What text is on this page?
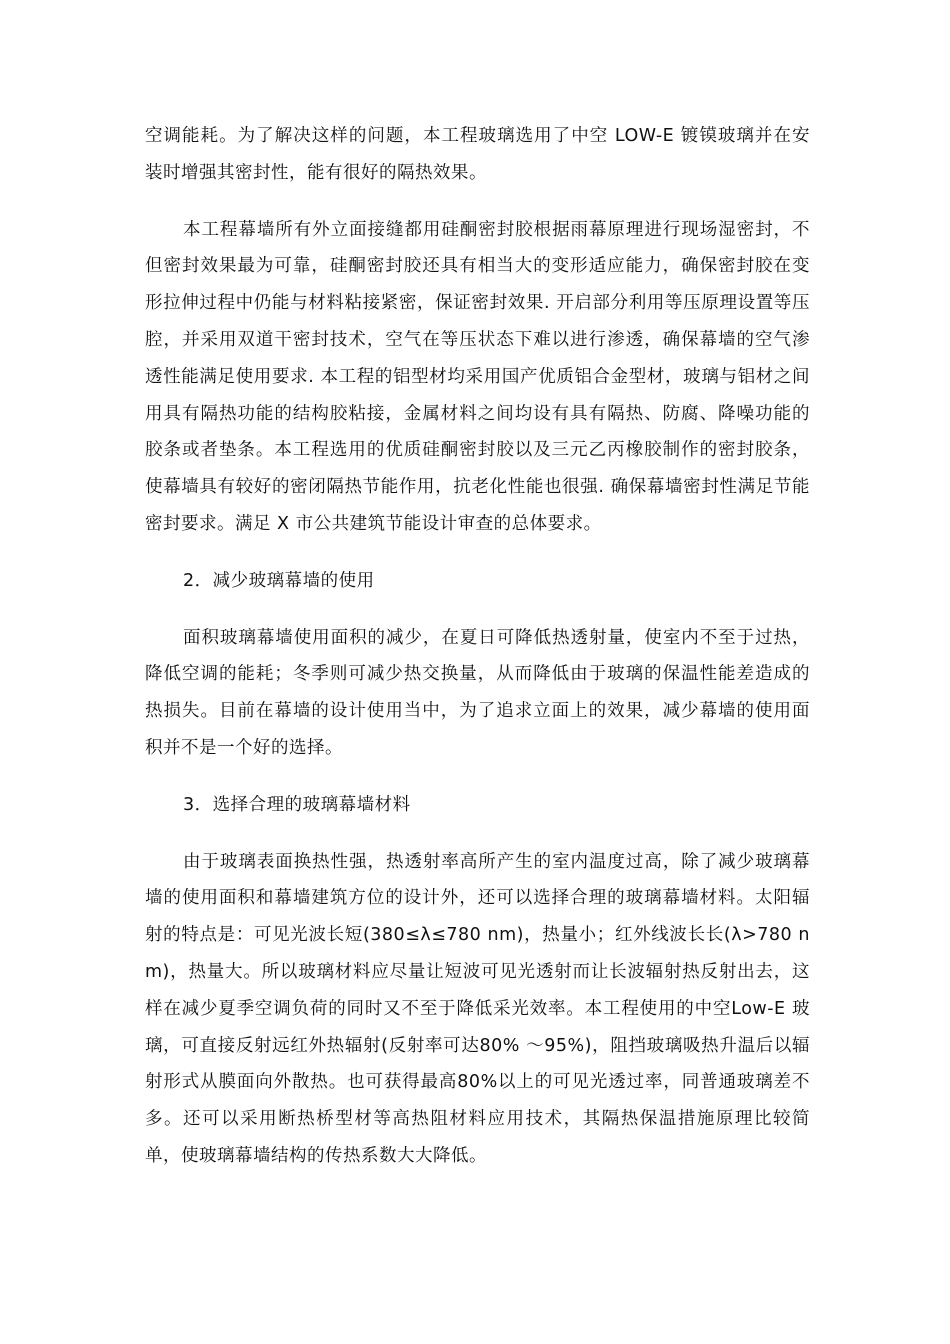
空调能耗。为了解决这样的问题，本工程玻璃选用了中空 LOW-E 镀镆玻璃并在安装时增强其密封性，能有很好的隔热效果。

本工程幕墙所有外立面接缝都用硅酮密封胶根据雨幕原理进行现场湿密封，不但密封效果最为可靠，硅酮密封胶还具有相当大的变形适应能力，确保密封胶在变形拉伸过程中仍能与材料粘接紧密，保证密封效果. 开启部分利用等压原理设置等压腔，并采用双道干密封技术，空气在等压状态下难以进行渗透，确保幕墙的空气渗透性能满足使用要求. 本工程的铝型材均采用国产优质铝合金型材，玻璃与铝材之间用具有隔热功能的结构胶粘接，金属材料之间均设有具有隔热、防腐、降噪功能的胶条或者垫条。本工程选用的优质硅酮密封胶以及三元乙丙橡胶制作的密封胶条，使幕墙具有较好的密闭隔热节能作用，抗老化性能也很强. 确保幕墙密封性满足节能密封要求。满足 X 市公共建筑节能设计审查的总体要求。

2．减少玻璃幕墙的使用

面积玻璃幕墙使用面积的减少，在夏日可降低热透射量，使室内不至于过热，降低空调的能耗；冬季则可减少热交换量，从而降低由于玻璃的保温性能差造成的热损失。目前在幕墙的设计使用当中，为了追求立面上的效果，减少幕墙的使用面积并不是一个好的选择。

3．选择合理的玻璃幕墙材料

由于玻璃表面换热性强，热透射率高所产生的室内温度过高，除了减少玻璃幕墙的使用面积和幕墙建筑方位的设计外，还可以选择合理的玻璃幕墙材料。太阳辐射的特点是：可见光波长短(380≤λ≤780 nm)，热量小；红外线波长长(λ>780 nm)，热量大。所以玻璃材料应尽量让短波可见光透射而让长波辐射热反射出去，这样在减少夏季空调负荷的同时又不至于降低采光效率。本工程使用的中空Low-E 玻璃，可直接反射远红外热辐射(反射率可达80% ～95%)，阻挡玻璃吸热升温后以辐射形式从膜面向外散热。也可获得最高80%以上的可见光透过率，同普通玻璃差不多。还可以采用断热桥型材等高热阻材料应用技术，其隔热保温措施原理比较简单，使玻璃幕墙结构的传热系数大大降低。
